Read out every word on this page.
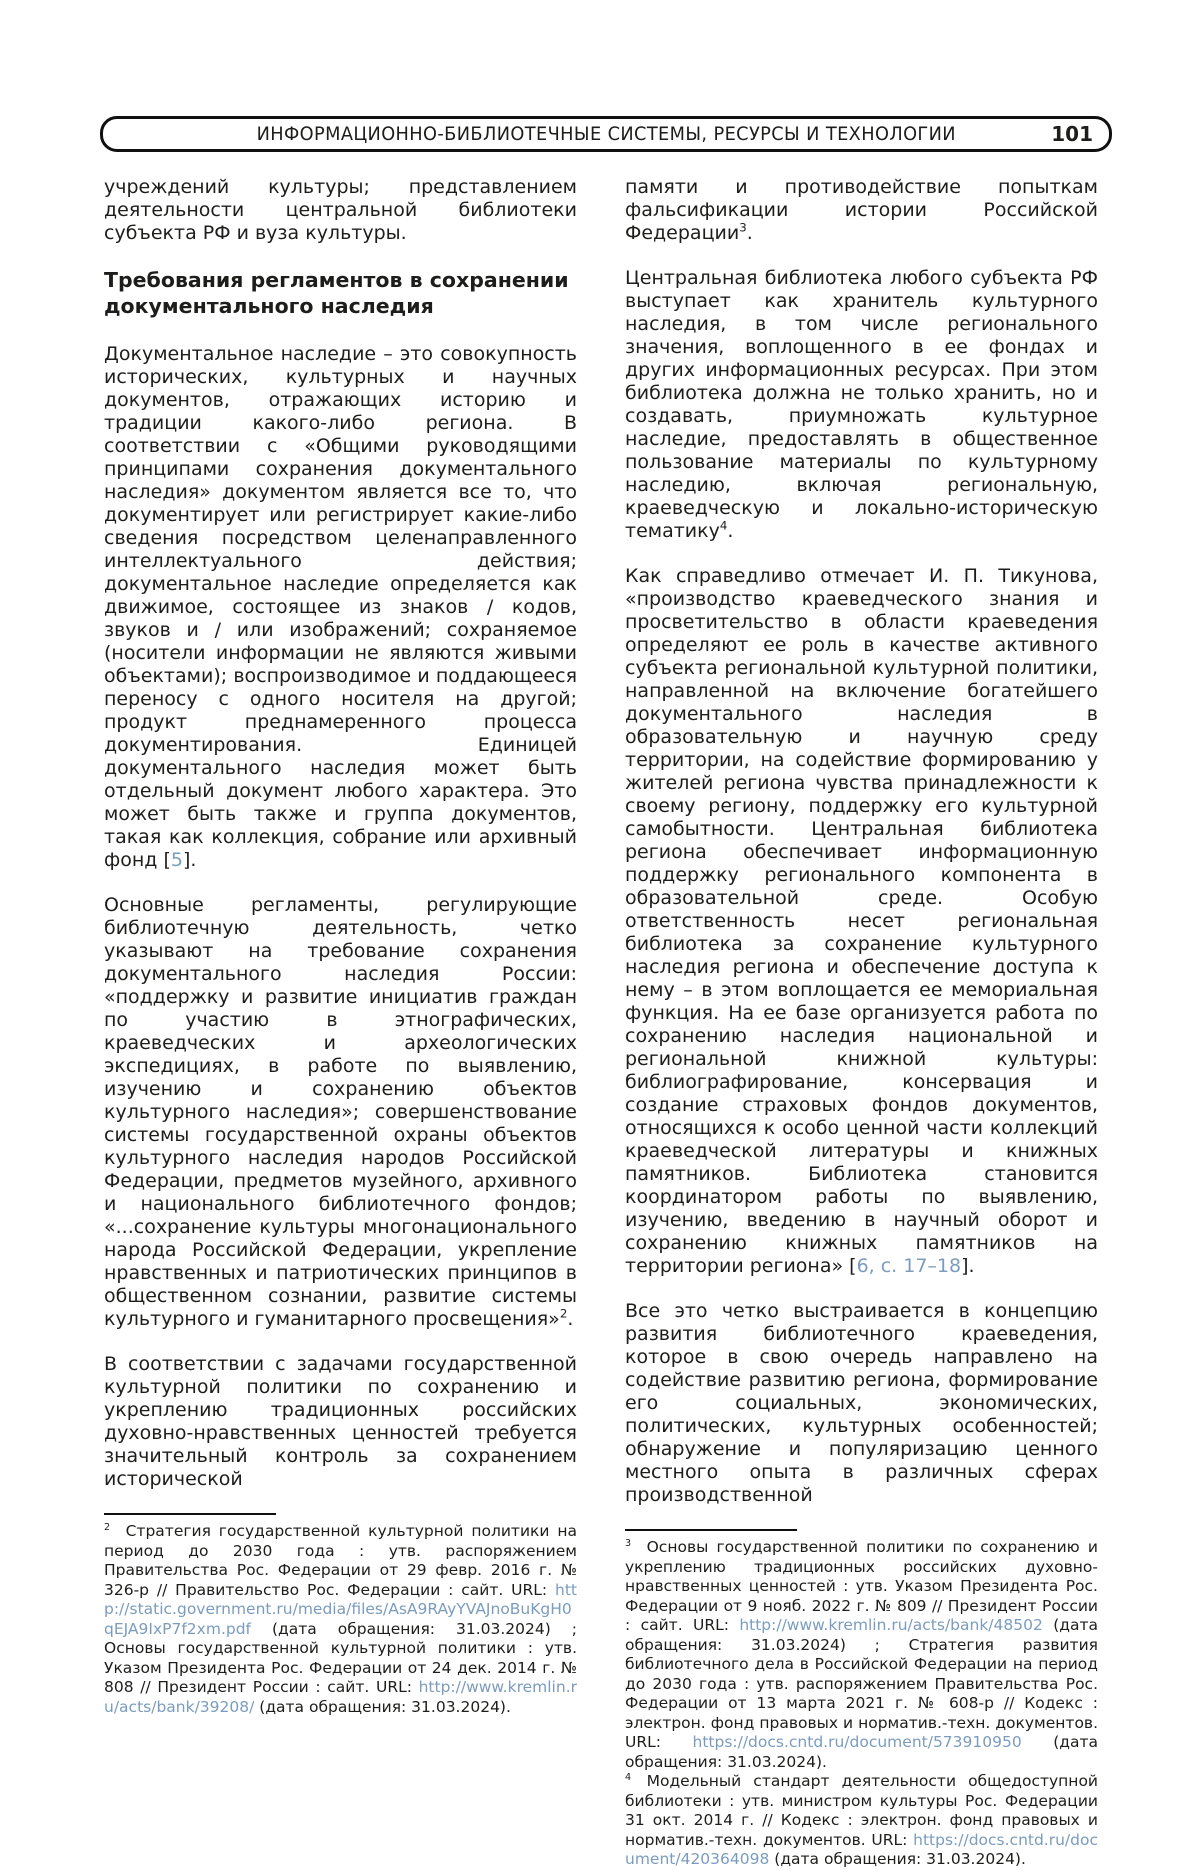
ИНФОРМАЦИОННО-БИБЛИОТЕЧНЫЕ СИСТЕМЫ, РЕСУРСЫ И ТЕХНОЛОГИИ	101

учреждений культуры; представлением деятельности центральной библиотеки субъекта РФ и вуза культуры.

Требования регламентов в сохранении документального наследия

Документальное наследие – это совокупность исторических, культурных и научных документов, отражающих историю и традиции какого-либо региона. В соответствии с «Общими руководящими принципами сохранения документального наследия» документом является все то, что документирует или регистрирует какие-либо сведения посредством целенаправленного интеллектуального действия; документальное наследие определяется как движимое, состоящее из знаков / кодов, звуков и / или изображений; сохраняемое (носители информации не являются живыми объектами); воспроизводимое и поддающееся переносу с одного носителя на другой; продукт преднамеренного процесса документирования. Единицей документального наследия может быть отдельный документ любого характера. Это может быть также и группа документов, такая как коллекция, собрание или архивный фонд [5].

Основные регламенты, регулирующие библиотечную деятельность, четко указывают на требование сохранения документального наследия России: «поддержку и развитие инициатив граждан по участию в этнографических, краеведческих и археологических экспедициях, в работе по выявлению, изучению и сохранению объектов культурного наследия»; совершенствование системы государственной охраны объектов культурного наследия народов Российской Федерации, предметов музейного, архивного и национального библиотечного фондов; «...сохранение культуры многонационального народа Российской Федерации, укрепление нравственных и патриотических принципов в общественном сознании, развитие системы культурного и гуманитарного просвещения»$^2$.

В соответствии с задачами государственной культурной политики по сохранению и укреплению традиционных российских духовно-нравственных ценностей требуется значительный контроль за сохранением исторической

$^2$ Стратегия государственной культурной политики на период до 2030 года : утв. распоряжением Правительства Рос. Федерации от 29 февр. 2016 г. № 326-р // Правительство Рос. Федерации : сайт. URL: http://static.government.ru/media/files/AsA9RAyYVAJnoBuKgH0qEJA9IxP7f2xm.pdf (дата обращения: 31.03.2024) ; Основы государственной культурной политики : утв. Указом Президента Рос. Федерации от 24 дек. 2014 г. № 808 // Президент России : сайт. URL: http://www.kremlin.ru/acts/bank/39208/ (дата обращения: 31.03.2024).

памяти и противодействие попыткам фальсификации истории Российской Федерации$^3$.

Центральная библиотека любого субъекта РФ выступает как хранитель культурного наследия, в том числе регионального значения, воплощенного в ее фондах и других информационных ресурсах. При этом библиотека должна не только хранить, но и создавать, приумножать культурное наследие, предоставлять в общественное пользование материалы по культурному наследию, включая региональную, краеведческую и локально-историческую тематику$^4$.

Как справедливо отмечает И. П. Тикунова, «производство краеведческого знания и просветительство в области краеведения определяют ее роль в качестве активного субъекта региональной культурной политики, направленной на включение богатейшего документального наследия в образовательную и научную среду территории, на содействие формированию у жителей региона чувства принадлежности к своему региону, поддержку его культурной самобытности. Центральная библиотека региона обеспечивает информационную поддержку регионального компонента в образовательной среде. Особую ответственность несет региональная библиотека за сохранение культурного наследия региона и обеспечение доступа к нему – в этом воплощается ее мемориальная функция. На ее базе организуется работа по сохранению наследия национальной и региональной книжной культуры: библиографирование, консервация и создание страховых фондов документов, относящихся к особо ценной части коллекций краеведческой литературы и книжных памятников. Библиотека становится координатором работы по выявлению, изучению, введению в научный оборот и сохранению книжных памятников на территории региона» [6, с. 17–18].

Все это четко выстраивается в концепцию развития библиотечного краеведения, которое в свою очередь направлено на содействие развитию региона, формирование его социальных, экономических, политических, культурных особенностей; обнаружение и популяризацию ценного местного опыта в различных сферах производственной

$^3$ Основы государственной политики по сохранению и укреплению традиционных российских духовно-нравственных ценностей : утв. Указом Президента Рос. Федерации от 9 нояб. 2022 г. № 809 // Президент России : сайт. URL: http://www.kremlin.ru/acts/bank/48502 (дата обращения: 31.03.2024) ; Стратегия развития библиотечного дела в Российской Федерации на период до 2030 года : утв. распоряжением Правительства Рос. Федерации от 13 марта 2021 г. № 608-р // Кодекс : электрон. фонд правовых и норматив.-техн. документов. URL: https://docs.cntd.ru/document/573910950 (дата обращения: 31.03.2024).

$^4$ Модельный стандарт деятельности общедоступной библиотеки : утв. министром культуры Рос. Федерации 31 окт. 2014 г. // Кодекс : электрон. фонд правовых и норматив.-техн. документов. URL: https://docs.cntd.ru/document/420364098 (дата обращения: 31.03.2024).
